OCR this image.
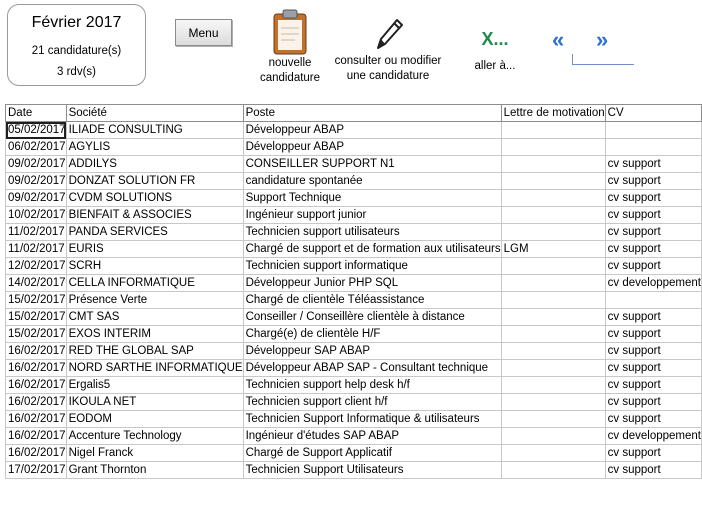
Février 2017
21 candidature(s)
3 rdv(s)
Menu
nouvelle
candidature
consulter ou modifier
une candidature
X...
aller à...
« »
Date	Société	Poste	Lettre de motivation	CV
05/02/2017	ILIADE CONSULTING	Développeur ABAP		
06/02/2017	AGYLIS	Développeur ABAP		
09/02/2017	ADDILYS	CONSEILLER SUPPORT N1		cv support
09/02/2017	DONZAT SOLUTION FR	candidature spontanée		cv support
09/02/2017	CVDM SOLUTIONS	Support Technique		cv support
10/02/2017	BIENFAIT & ASSOCIES	Ingénieur support junior		cv support
11/02/2017	PANDA SERVICES	Technicien support utilisateurs		cv support
11/02/2017	EURIS	Chargé de support et de formation aux utilisateurs	LGM	cv support
12/02/2017	SCRH	Technicien support informatique		cv support
14/02/2017	CELLA INFORMATIQUE	Développeur Junior PHP SQL		cv developpement
15/02/2017	Présence Verte	Chargé de clientèle Téléassistance		
15/02/2017	CMT SAS	Conseiller / Conseillère clientèle à distance		cv support
15/02/2017	EXOS INTERIM	Chargé(e) de clientèle H/F		cv support
16/02/2017	RED THE GLOBAL SAP	Développeur SAP ABAP		cv support
16/02/2017	NORD SARTHE INFORMATIQUE	Développeur ABAP SAP - Consultant technique		cv support
16/02/2017	Ergalis5	Technicien support help desk h/f		cv support
16/02/2017	IKOULA NET	Technicien support client h/f		cv support
16/02/2017	EODOM	Technicien Support Informatique & utilisateurs		cv support
16/02/2017	Accenture Technology	Ingénieur d'études SAP ABAP		cv developpement
16/02/2017	Nigel Franck	Chargé de Support Applicatif		cv support
17/02/2017	Grant Thornton	Technicien Support Utilisateurs		cv support
